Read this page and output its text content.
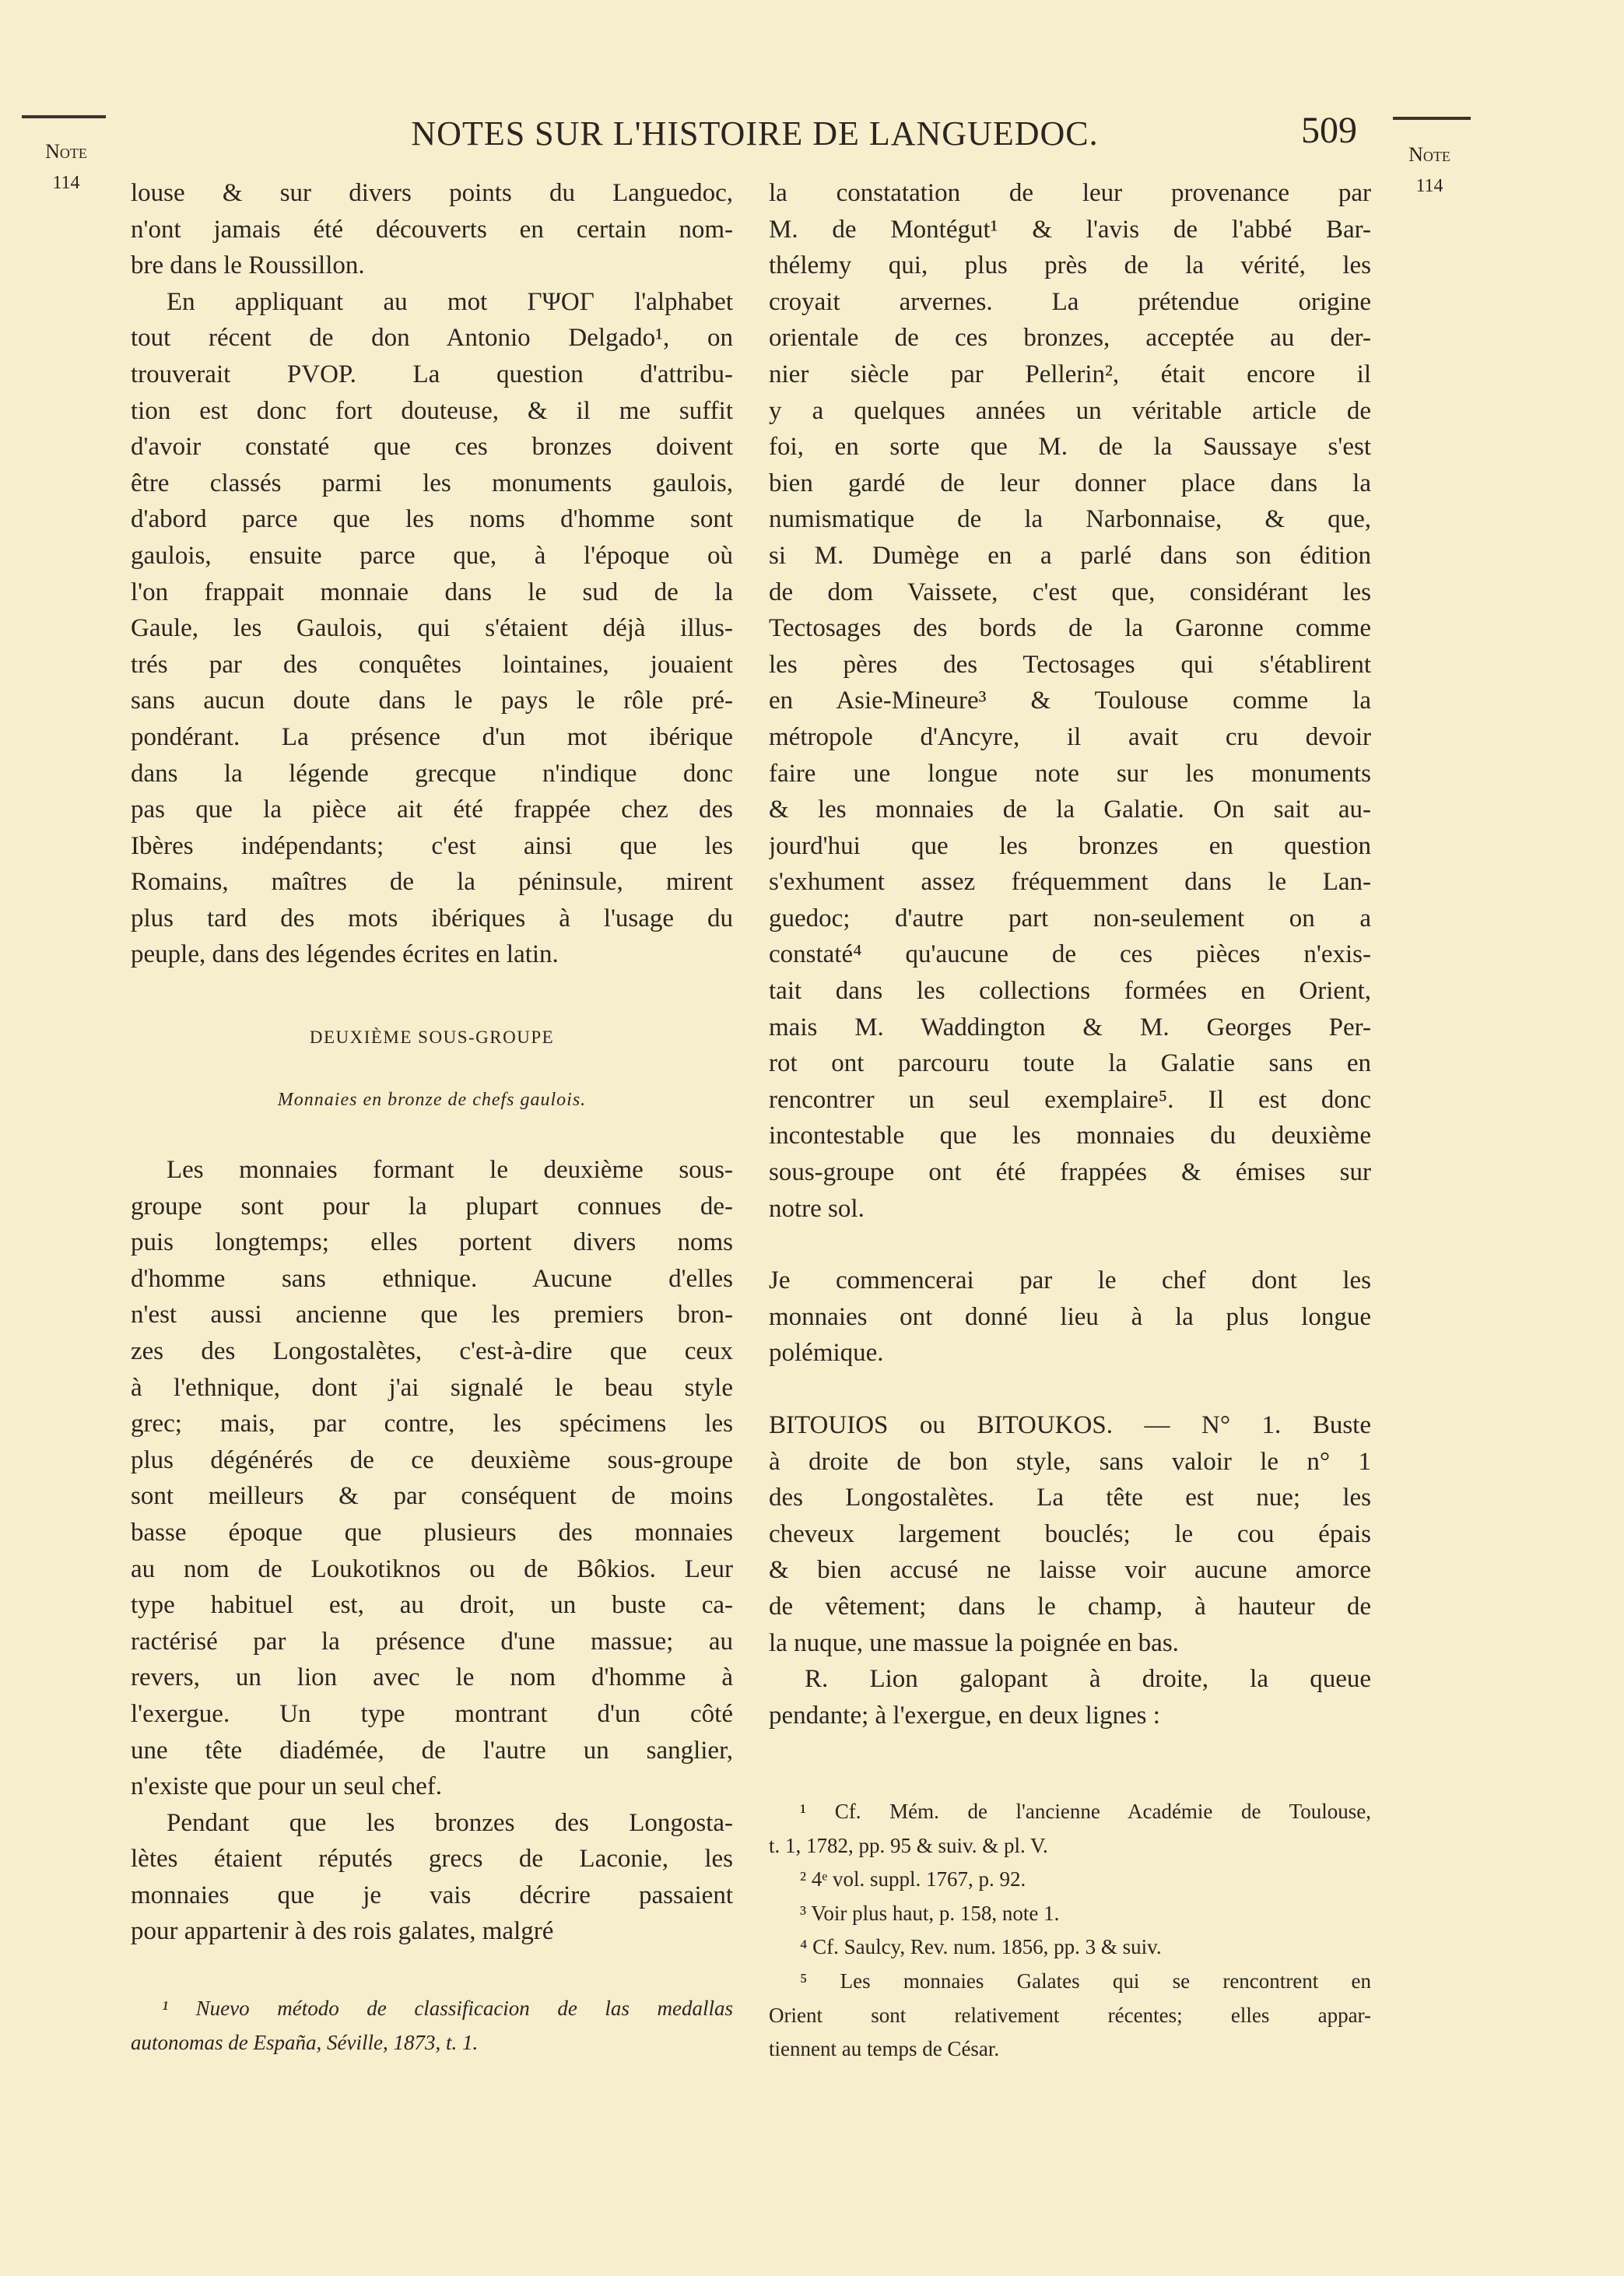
NOTES SUR L'HISTOIRE DE LANGUEDOC.	509
Note
114
Note
114
louse & sur divers points du Languedoc,
n'ont jamais été découverts en certain nom-
bre dans le Roussillon.
En appliquant au mot ΓΨΟΓ l'alphabet
tout récent de don Antonio Delgado¹, on
trouverait PVOP. La question d'attribu-
tion est donc fort douteuse, & il me suffit
d'avoir constaté que ces bronzes doivent
être classés parmi les monuments gaulois,
d'abord parce que les noms d'homme sont
gaulois, ensuite parce que, à l'époque où
l'on frappait monnaie dans le sud de la
Gaule, les Gaulois, qui s'étaient déjà illus-
trés par des conquêtes lointaines, jouaient
sans aucun doute dans le pays le rôle pré-
pondérant. La présence d'un mot ibérique
dans la légende grecque n'indique donc
pas que la pièce ait été frappée chez des
Ibères indépendants; c'est ainsi que les
Romains, maîtres de la péninsule, mirent
plus tard des mots ibériques à l'usage du
peuple, dans des légendes écrites en latin.
DEUXIÈME SOUS-GROUPE
Monnaies en bronze de chefs gaulois.
Les monnaies formant le deuxième sous-
groupe sont pour la plupart connues de-
puis longtemps; elles portent divers noms
d'homme sans ethnique. Aucune d'elles
n'est aussi ancienne que les premiers bron-
zes des Longostalètes, c'est-à-dire que ceux
à l'ethnique, dont j'ai signalé le beau style
grec; mais, par contre, les spécimens les
plus dégénérés de ce deuxième sous-groupe
sont meilleurs & par conséquent de moins
basse époque que plusieurs des monnaies
au nom de Loukotiknos ou de Bôkios. Leur
type habituel est, au droit, un buste ca-
ractérisé par la présence d'une massue; au
revers, un lion avec le nom d'homme à
l'exergue. Un type montrant d'un côté
une tête diadémée, de l'autre un sanglier,
n'existe que pour un seul chef.
Pendant que les bronzes des Longosta-
lètes étaient réputés grecs de Laconie, les
monnaies que je vais décrire passaient
pour appartenir à des rois galates, malgré
¹ Nuevo método de classificacion de las medallas
autonomas de España, Séville, 1873, t. 1.
la constatation de leur provenance par
M. de Montégut¹ & l'avis de l'abbé Bar-
thélemy qui, plus près de la vérité, les
croyait arvernes. La prétendue origine
orientale de ces bronzes, acceptée au der-
nier siècle par Pellerin², était encore il
y a quelques années un véritable article de
foi, en sorte que M. de la Saussaye s'est
bien gardé de leur donner place dans la
numismatique de la Narbonnaise, & que,
si M. Dumège en a parlé dans son édition
de dom Vaissete, c'est que, considérant les
Tectosages des bords de la Garonne comme
les pères des Tectosages qui s'établirent
en Asie-Mineure³ & Toulouse comme la
métropole d'Ancyre, il avait cru devoir
faire une longue note sur les monuments
& les monnaies de la Galatie. On sait au-
jourd'hui que les bronzes en question
s'exhument assez fréquemment dans le Lan-
guedoc; d'autre part non-seulement on a
constaté⁴ qu'aucune de ces pièces n'exis-
tait dans les collections formées en Orient,
mais M. Waddington & M. Georges Per-
rot ont parcouru toute la Galatie sans en
rencontrer un seul exemplaire⁵. Il est donc
incontestable que les monnaies du deuxième
sous-groupe ont été frappées & émises sur
notre sol.
Je commencerai par le chef dont les
monnaies ont donné lieu à la plus longue
polémique.
BITOUIOS ou BITOUKOS. — N° 1. Buste
à droite de bon style, sans valoir le n° 1
des Longostalètes. La tête est nue; les
cheveux largement bouclés; le cou épais
& bien accusé ne laisse voir aucune amorce
de vêtement; dans le champ, à hauteur de
la nuque, une massue la poignée en bas.
R. Lion galopant à droite, la queue
pendante; à l'exergue, en deux lignes :
¹ Cf. Mém. de l'ancienne Académie de Toulouse,
t. 1, 1782, pp. 95 & suiv. & pl. V.
² 4ᵉ vol. suppl. 1767, p. 92.
³ Voir plus haut, p. 158, note 1.
⁴ Cf. Saulcy, Rev. num. 1856, pp. 3 & suiv.
⁵ Les monnaies Galates qui se rencontrent en
Orient sont relativement récentes; elles appar-
tiennent au temps de César.
